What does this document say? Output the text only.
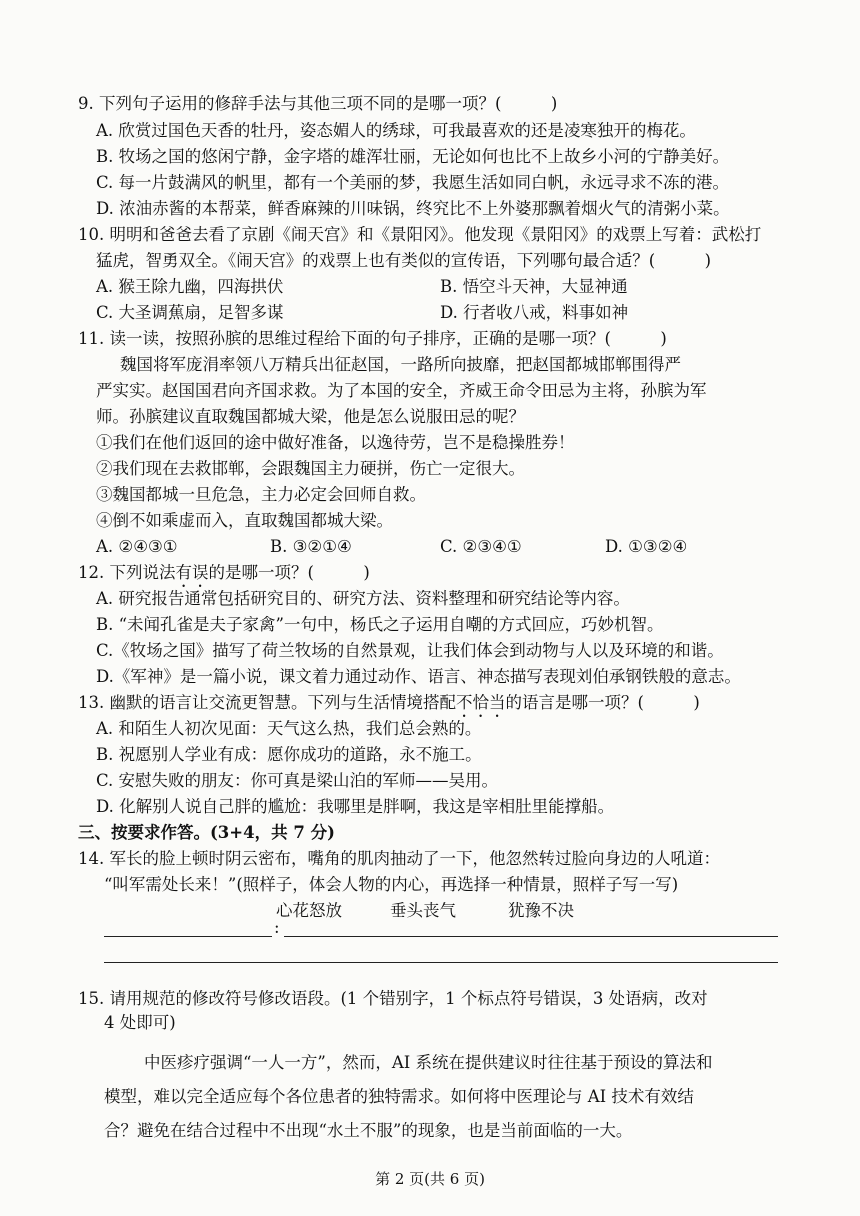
9. 下列句子运用的修辞手法与其他三项不同的是哪一项？(　　　)
A. 欣赏过国色天香的牡丹，姿态媚人的绣球，可我最喜欢的还是凌寒独开的梅花。
B. 牧场之国的悠闲宁静，金字塔的雄浑壮丽，无论如何也比不上故乡小河的宁静美好。
C. 每一片鼓满风的帆里，都有一个美丽的梦，我愿生活如同白帆，永远寻求不冻的港。
D. 浓油赤酱的本帮菜，鲜香麻辣的川味锅，终究比不上外婆那飘着烟火气的清粥小菜。
10. 明明和爸爸去看了京剧《闹天宫》和《景阳冈》。他发现《景阳冈》的戏票上写着：武松打
猛虎，智勇双全。《闹天宫》的戏票上也有类似的宣传语，下列哪句最合适？(　　　)
A. 猴王除九幽，四海拱伏	B. 悟空斗天神，大显神通
C. 大圣调蕉扇，足智多谋	D. 行者收八戒，料事如神
11. 读一读，按照孙膑的思维过程给下面的句子排序，正确的是哪一项？(　　　)
魏国将军庞涓率领八万精兵出征赵国，一路所向披靡，把赵国都城邯郸围得严
严实实。赵国国君向齐国求救。为了本国的安全，齐威王命令田忌为主将，孙膑为军
师。孙膑建议直取魏国都城大梁，他是怎么说服田忌的呢？
①我们在他们返回的途中做好准备，以逸待劳，岂不是稳操胜券！
②我们现在去救邯郸，会跟魏国主力硬拼，伤亡一定很大。
③魏国都城一旦危急，主力必定会回师自救。
④倒不如乘虚而入，直取魏国都城大梁。
A. ②④③①	B. ③②①④	C. ②③④①	D. ①③②④
12. 下列说法有误的是哪一项？(　　　)
A. 研究报告通常包括研究目的、研究方法、资料整理和研究结论等内容。
B. “未闻孔雀是夫子家禽”一句中，杨氏之子运用自嘲的方式回应，巧妙机智。
C.《牧场之国》描写了荷兰牧场的自然景观，让我们体会到动物与人以及环境的和谐。
D.《军神》是一篇小说，课文着力通过动作、语言、神态描写表现刘伯承钢铁般的意志。
13. 幽默的语言让交流更智慧。下列与生活情境搭配不恰当的语言是哪一项？(　　　)
A. 和陌生人初次见面：天气这么热，我们总会熟的。
B. 祝愿别人学业有成：愿你成功的道路，永不施工。
C. 安慰失败的朋友：你可真是梁山泊的军师——吴用。
D. 化解别人说自己胖的尴尬：我哪里是胖啊，我这是宰相肚里能撑船。
三、按要求作答。(3+4，共 7 分)
14. 军长的脸上顿时阴云密布，嘴角的肌肉抽动了一下，他忽然转过脸向身边的人吼道：
“叫军需处长来！”(照样子，体会人物的内心，再选择一种情景，照样子写一写)
心花怒放	垂头丧气	犹豫不决
:
15. 请用规范的修改符号修改语段。(1 个错别字，1 个标点符号错误，3 处语病，改对
4 处即可)
中医疹疗强调“一人一方”，然而，AI 系统在提供建议时往往基于预设的算法和
模型，难以完全适应每个各位患者的独特需求。如何将中医理论与 AI 技术有效结
合？避免在结合过程中不出现“水土不服”的现象，也是当前面临的一大。
第 2 页(共 6 页)
